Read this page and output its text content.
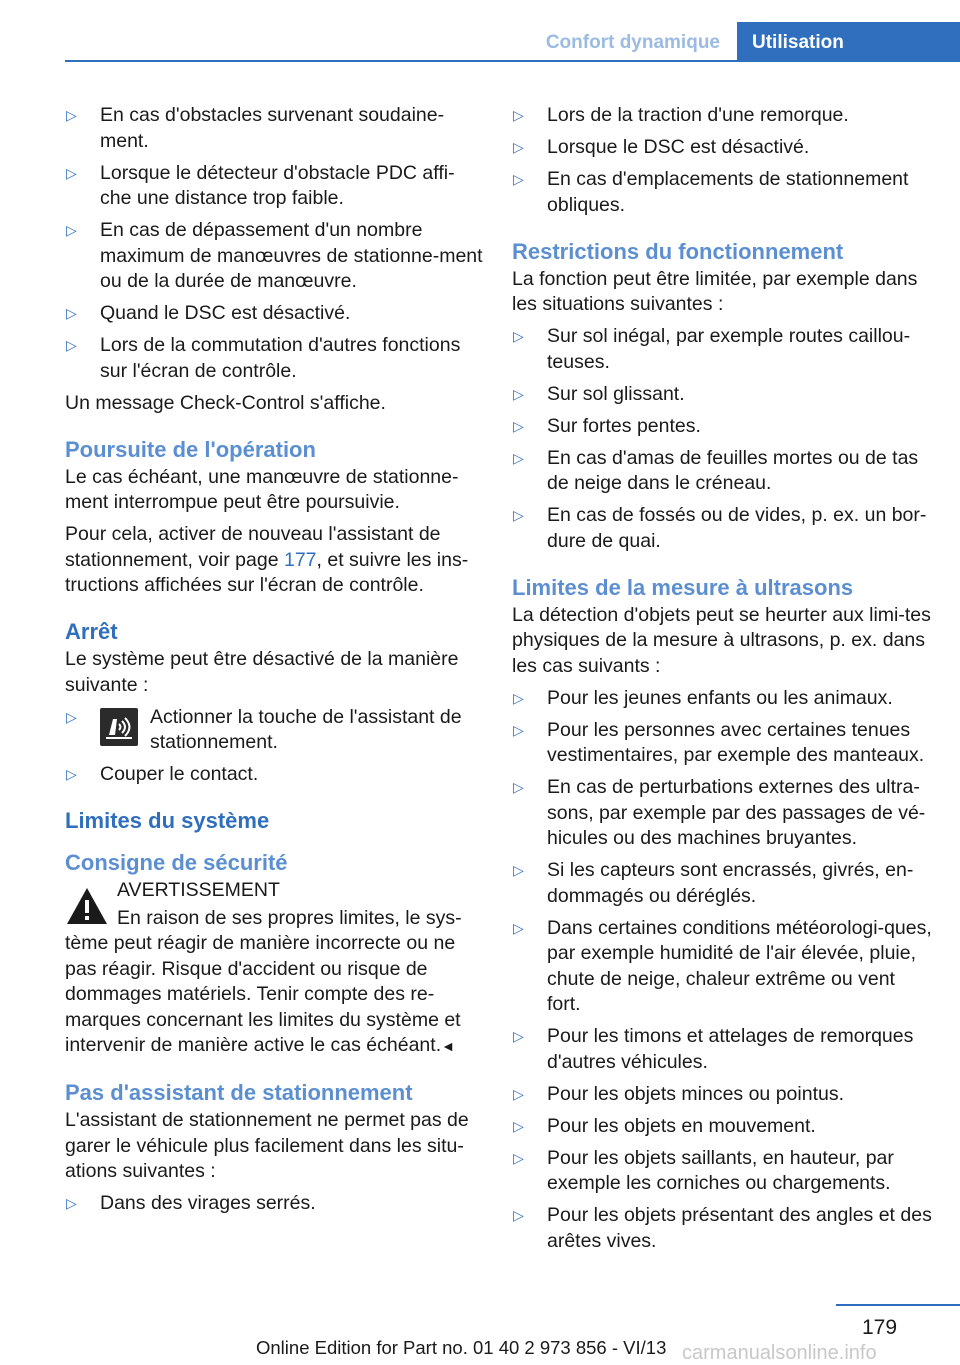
Confort dynamique	Utilisation
▷	En cas d'obstacles survenant soudaine-ment.
▷	Lorsque le détecteur d'obstacle PDC affi-che une distance trop faible.
▷	En cas de dépassement d'un nombre maximum de manœuvres de stationne-ment ou de la durée de manœuvre.
▷	Quand le DSC est désactivé.
▷	Lors de la commutation d'autres fonctions sur l'écran de contrôle.

Un message Check-Control s'affiche.

Poursuite de l'opération

Le cas échéant, une manœuvre de stationne-ment interrompue peut être poursuivie.

Pour cela, activer de nouveau l'assistant de stationnement, voir page 177, et suivre les ins-tructions affichées sur l'écran de contrôle.

Arrêt

Le système peut être désactivé de la manière suivante :

▷	Actionner la touche de l'assistant de stationnement.
▷	Couper le contact.
Limites du système
Consigne de sécurité
AVERTISSEMENT

En raison de ses propres limites, le sys-tème peut réagir de manière incorrecte ou ne pas réagir. Risque d'accident ou risque de dommages matériels. Tenir compte des re-marques concernant les limites du système et intervenir de manière active le cas échéant.◄

Pas d'assistant de stationnement

L'assistant de stationnement ne permet pas de garer le véhicule plus facilement dans les situ-ations suivantes :

▷	Dans des virages serrés.
▷	Lors de la traction d'une remorque.
▷	Lorsque le DSC est désactivé.
▷	En cas d'emplacements de stationnement obliques.
Restrictions du fonctionnement

La fonction peut être limitée, par exemple dans les situations suivantes :

▷	Sur sol inégal, par exemple routes caillou-teuses.
▷	Sur sol glissant.
▷	Sur fortes pentes.
▷	En cas d'amas de feuilles mortes ou de tas de neige dans le créneau.
▷	En cas de fossés ou de vides, p. ex. un bor-dure de quai.
Limites de la mesure à ultrasons

La détection d'objets peut se heurter aux limi-tes physiques de la mesure à ultrasons, p. ex. dans les cas suivants :

▷	Pour les jeunes enfants ou les animaux.
▷	Pour les personnes avec certaines tenues vestimentaires, par exemple des manteaux.
▷	En cas de perturbations externes des ultra-sons, par exemple par des passages de vé-hicules ou des machines bruyantes.
▷	Si les capteurs sont encrassés, givrés, en-dommagés ou déréglés.
▷	Dans certaines conditions météorologi-ques, par exemple humidité de l'air élevée, pluie, chute de neige, chaleur extrême ou vent fort.
▷	Pour les timons et attelages de remorques d'autres véhicules.
▷	Pour les objets minces ou pointus.
▷	Pour les objets en mouvement.
▷	Pour les objets saillants, en hauteur, par exemple les corniches ou chargements.
▷	Pour les objets présentant des angles et des arêtes vives.
179
Online Edition for Part no. 01 40 2 973 856 - VI/13 carmanualsonline.info
